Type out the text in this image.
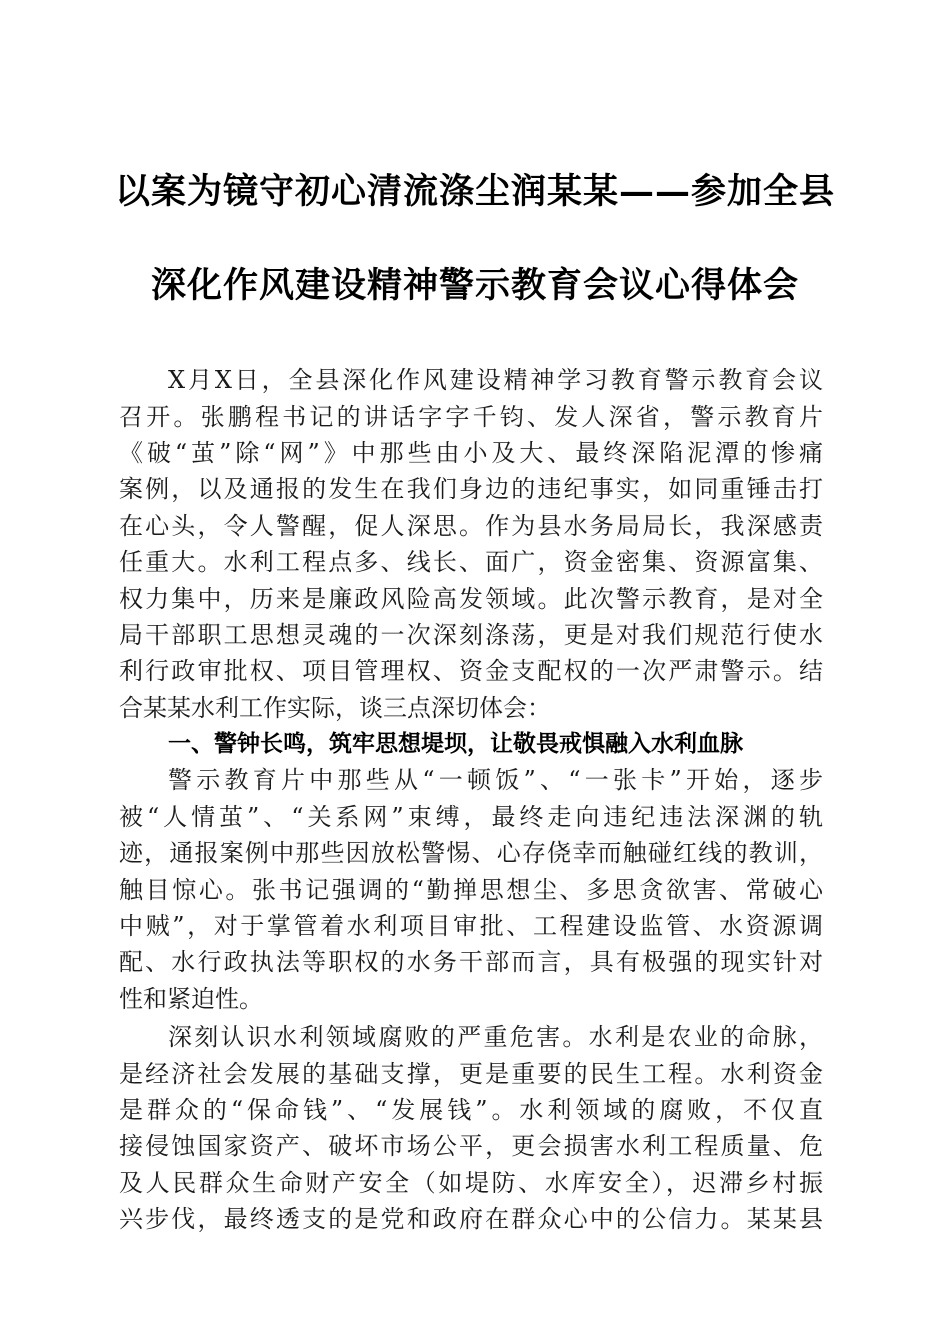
以案为镜守初心清流涤尘润某某——参加全县
深化作风建设精神警示教育会议心得体会
X月X日，全县深化作风建设精神学习教育警示教育会议
召开。张鹏程书记的讲话字字千钧、发人深省，警示教育片
《破“茧”除“网”》中那些由小及大、最终深陷泥潭的惨痛
案例，以及通报的发生在我们身边的违纪事实，如同重锤击打
在心头，令人警醒，促人深思。作为县水务局局长，我深感责
任重大。水利工程点多、线长、面广，资金密集、资源富集、
权力集中，历来是廉政风险高发领域。此次警示教育，是对全
局干部职工思想灵魂的一次深刻涤荡，更是对我们规范行使水
利行政审批权、项目管理权、资金支配权的一次严肃警示。结
合某某水利工作实际，谈三点深切体会：
一、警钟长鸣，筑牢思想堤坝，让敬畏戒惧融入水利血脉
警示教育片中那些从“一顿饭”、“一张卡”开始，逐步
被“人情茧”、“关系网”束缚，最终走向违纪违法深渊的轨
迹，通报案例中那些因放松警惕、心存侥幸而触碰红线的教训，
触目惊心。张书记强调的“勤掸思想尘、多思贪欲害、常破心
中贼”，对于掌管着水利项目审批、工程建设监管、水资源调
配、水行政执法等职权的水务干部而言，具有极强的现实针对
性和紧迫性。
深刻认识水利领域腐败的严重危害。水利是农业的命脉，
是经济社会发展的基础支撑，更是重要的民生工程。水利资金
是群众的“保命钱”、“发展钱”。水利领域的腐败，不仅直
接侵蚀国家资产、破坏市场公平，更会损害水利工程质量、危
及人民群众生命财产安全（如堤防、水库安全），迟滞乡村振
兴步伐，最终透支的是党和政府在群众心中的公信力。某某县
